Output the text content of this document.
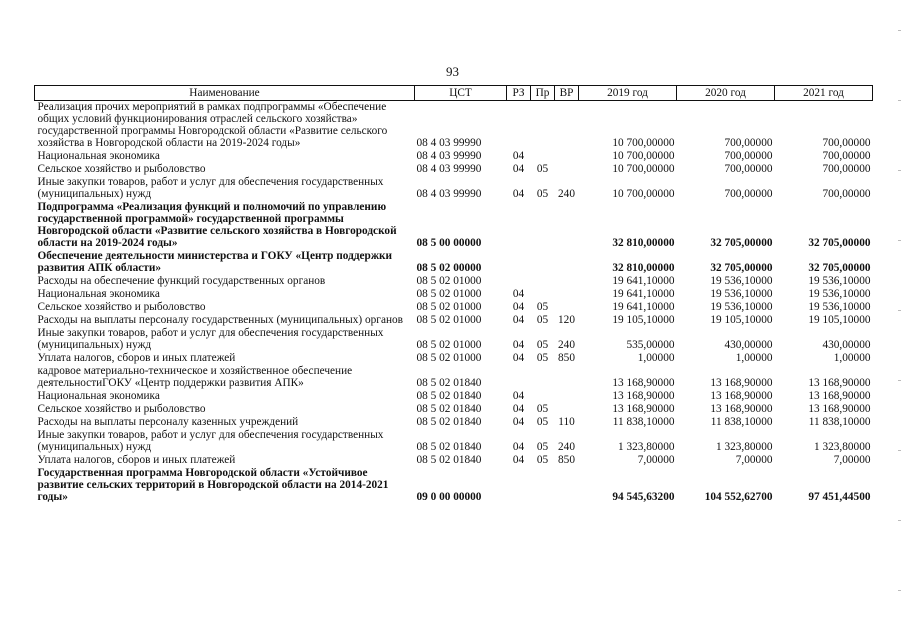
93
Наименование	ЦСТ	РЗ	Пр	ВР	2019 год	2020 год	2021 год
Реализация прочих мероприятий в рамках подпрограммы «Обеспечение общих условий функционирования отраслей сельского хозяйства» государственной программы Новгородской области «Развитие сельского хозяйства в Новгородской области на 2019-2024 годы»	08 4 03 99990				10 700,00000	700,00000	700,00000
Национальная экономика	08 4 03 99990	04			10 700,00000	700,00000	700,00000
Сельское хозяйство и рыболовство	08 4 03 99990	04	05		10 700,00000	700,00000	700,00000
Иные закупки товаров, работ и услуг для обеспечения государственных (муниципальных) нужд	08 4 03 99990	04	05	240	10 700,00000	700,00000	700,00000
Подпрограмма «Реализация функций и полномочий по управлению государственной программой» государственной программы Новгородской области «Развитие сельского хозяйства в Новгородской области на 2019-2024 годы»	08 5 00 00000				32 810,00000	32 705,00000	32 705,00000
Обеспечение деятельности министерства и ГОКУ «Центр поддержки развития АПК области»	08 5 02 00000				32 810,00000	32 705,00000	32 705,00000
Расходы на обеспечение функций государственных органов	08 5 02 01000				19 641,10000	19 536,10000	19 536,10000
Национальная экономика	08 5 02 01000	04			19 641,10000	19 536,10000	19 536,10000
Сельское хозяйство и рыболовство	08 5 02 01000	04	05		19 641,10000	19 536,10000	19 536,10000
Расходы на выплаты персоналу государственных (муниципальных) органов	08 5 02 01000	04	05	120	19 105,10000	19 105,10000	19 105,10000
Иные закупки товаров, работ и услуг для обеспечения государственных (муниципальных) нужд	08 5 02 01000	04	05	240	535,00000	430,00000	430,00000
Уплата налогов, сборов и иных платежей	08 5 02 01000	04	05	850	1,00000	1,00000	1,00000
кадровое материально-техническое и хозяйственное обеспечение деятельностиГОКУ «Центр поддержки развития АПК»	08 5 02 01840				13 168,90000	13 168,90000	13 168,90000
Национальная экономика	08 5 02 01840	04			13 168,90000	13 168,90000	13 168,90000
Сельское хозяйство и рыболовство	08 5 02 01840	04	05		13 168,90000	13 168,90000	13 168,90000
Расходы на выплаты персоналу казенных учреждений	08 5 02 01840	04	05	110	11 838,10000	11 838,10000	11 838,10000
Иные закупки товаров, работ и услуг для обеспечения государственных (муниципальных) нужд	08 5 02 01840	04	05	240	1 323,80000	1 323,80000	1 323,80000
Уплата налогов, сборов и иных платежей	08 5 02 01840	04	05	850	7,00000	7,00000	7,00000
Государственная программа Новгородской области «Устойчивое развитие сельских территорий в Новгородской области на 2014-2021 годы»	09 0 00 00000				94 545,63200	104 552,62700	97 451,44500
